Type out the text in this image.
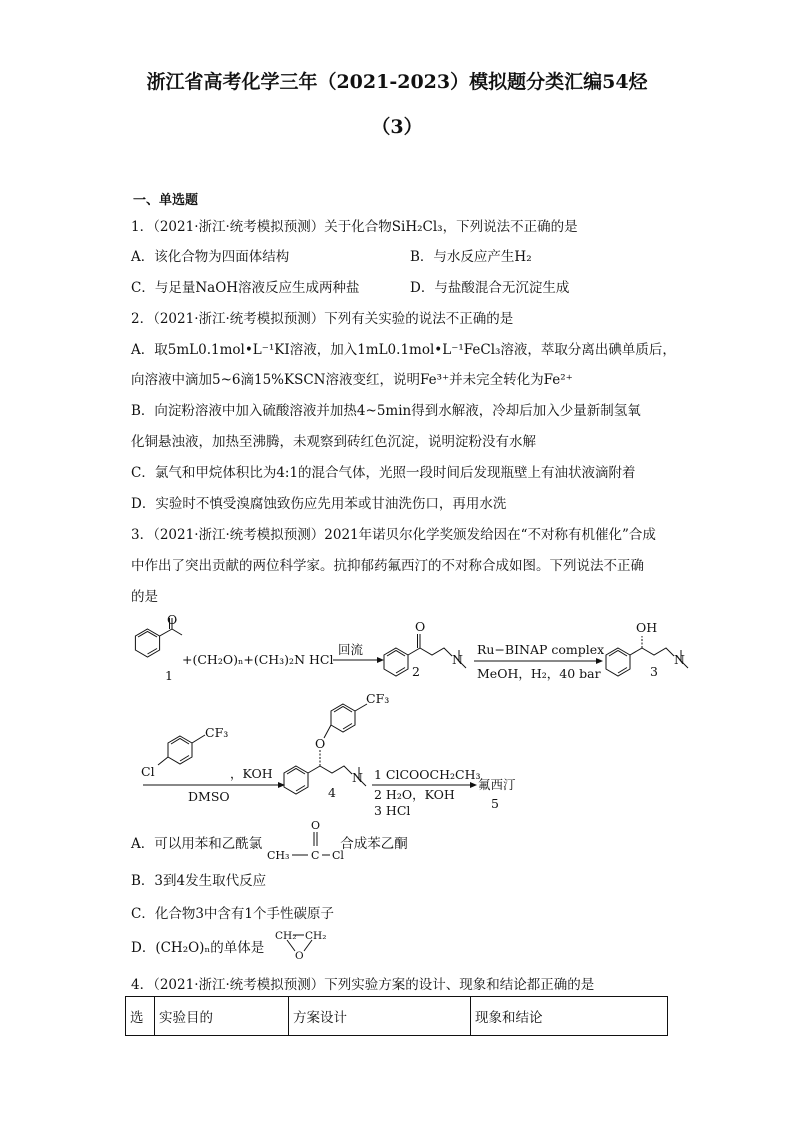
浙江省高考化学三年（2021-2023）模拟题分类汇编54烃
（3）
一、单选题
1．（2021·浙江·统考模拟预测）关于化合物SiH₂Cl₃，下列说法不正确的是
A．该化合物为四面体结构	B．与水反应产生H₂
C．与足量NaOH溶液反应生成两种盐	D．与盐酸混合无沉淀生成
2．（2021·浙江·统考模拟预测）下列有关实验的说法不正确的是
A．取5mL0.1mol•L⁻¹KI溶液，加入1mL0.1mol•L⁻¹FeCl₃溶液，萃取分离出碘单质后，
向溶液中滴加5~6滴15%KSCN溶液变红，说明Fe³⁺并未完全转化为Fe²⁺
B．向淀粉溶液中加入硫酸溶液并加热4~5min得到水解液，冷却后加入少量新制氢氧
化铜悬浊液，加热至沸腾，未观察到砖红色沉淀，说明淀粉没有水解
C．氯气和甲烷体积比为4:1的混合气体，光照一段时间后发现瓶壁上有油状液滴附着
D．实验时不慎受溴腐蚀致伤应先用苯或甘油洗伤口，再用水洗
3．（2021·浙江·统考模拟预测）2021年诺贝尔化学奖颁发给因在“不对称有机催化”合成
中作出了突出贡献的两位科学家。抗抑郁药氟西汀的不对称合成如图。下列说法不正确
的是
O
1
+(CH₂O)ₙ+(CH₃)₂N HCl
回流
O
N
2
Ru−BINAP complex
MeOH，H₂，40 bar
OH
N
3
CF₃
Cl	，KOH
DMSO
CF₃
O
N
4
1 ClCOOCH₂CH₃
2 H₂O，KOH
3 HCl
氟西汀
5
A．可以用苯和乙酰氯	合成苯乙酮
O
CH₃ C Cl
B．3到4发生取代反应
C．化合物3中含有1个手性碳原子
D．(CH₂O)ₙ的单体是
CH₂ CH₂
O
4．（2021·浙江·统考模拟预测）下列实验方案的设计、现象和结论都正确的是
选	实验目的	方案设计	现象和结论
